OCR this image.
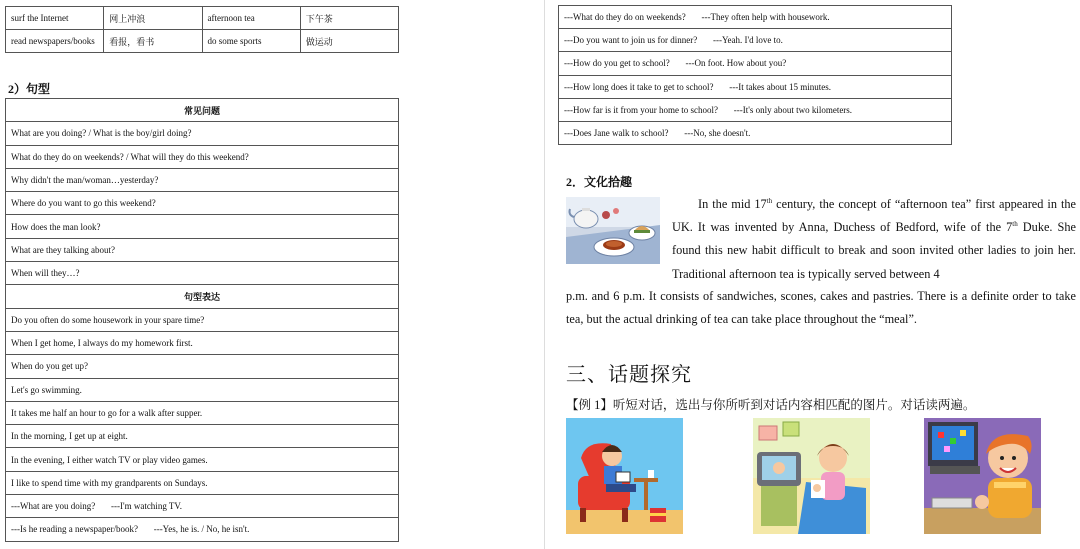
surf the Internet	网上冲浪	afternoon tea	下午茶
read newspapers/books	看报，看书	do some sports	做运动
2）句型
常见问题
What are you doing? / What is the boy/girl doing?
What do they do on weekends? / What will they do this weekend?
Why didn't the man/woman…yesterday?
Where do you want to go this weekend?
How does the man look?
What are they talking about?
When will they…?
句型表达
Do you often do some housework in your spare time?
When I get home, I always do my homework first.
When do you get up?
Let's go swimming.
It takes me half an hour to go for a walk after supper.
In the morning, I get up at eight.
In the evening, I either watch TV or play video games.
I like to spend time with my grandparents on Sundays.
---What are you doing?       ---I'm watching TV.
---Is he reading a newspaper/book?       ---Yes, he is. / No, he isn't.
---What do they do on weekends?       ---They often help with housework.
---Do you want to join us for dinner?       ---Yeah. I'd love to.
---How do you get to school?       ---On foot. How about you?
---How long does it take to get to school?       ---It takes about 15 minutes.
---How far is it from your home to school?       ---It's only about two kilometers.
---Does Jane walk to school?       ---No, she doesn't.
2．文化拾趣
In the mid 17th century, the concept of “afternoon tea” first appeared in the UK. It was invented by Anna, Duchess of Bedford, wife of the 7th Duke. She found this new habit difficult to break and soon invited other ladies to join her. Traditional afternoon tea is typically served between 4
p.m. and 6 p.m. It consists of sandwiches, scones, cakes and pastries. There is a definite order to take tea, but the actual drinking of tea can take place throughout the “meal”.
三、话题探究
【例 1】听短对话，选出与你所听到对话内容相匹配的图片。对话读两遍。
